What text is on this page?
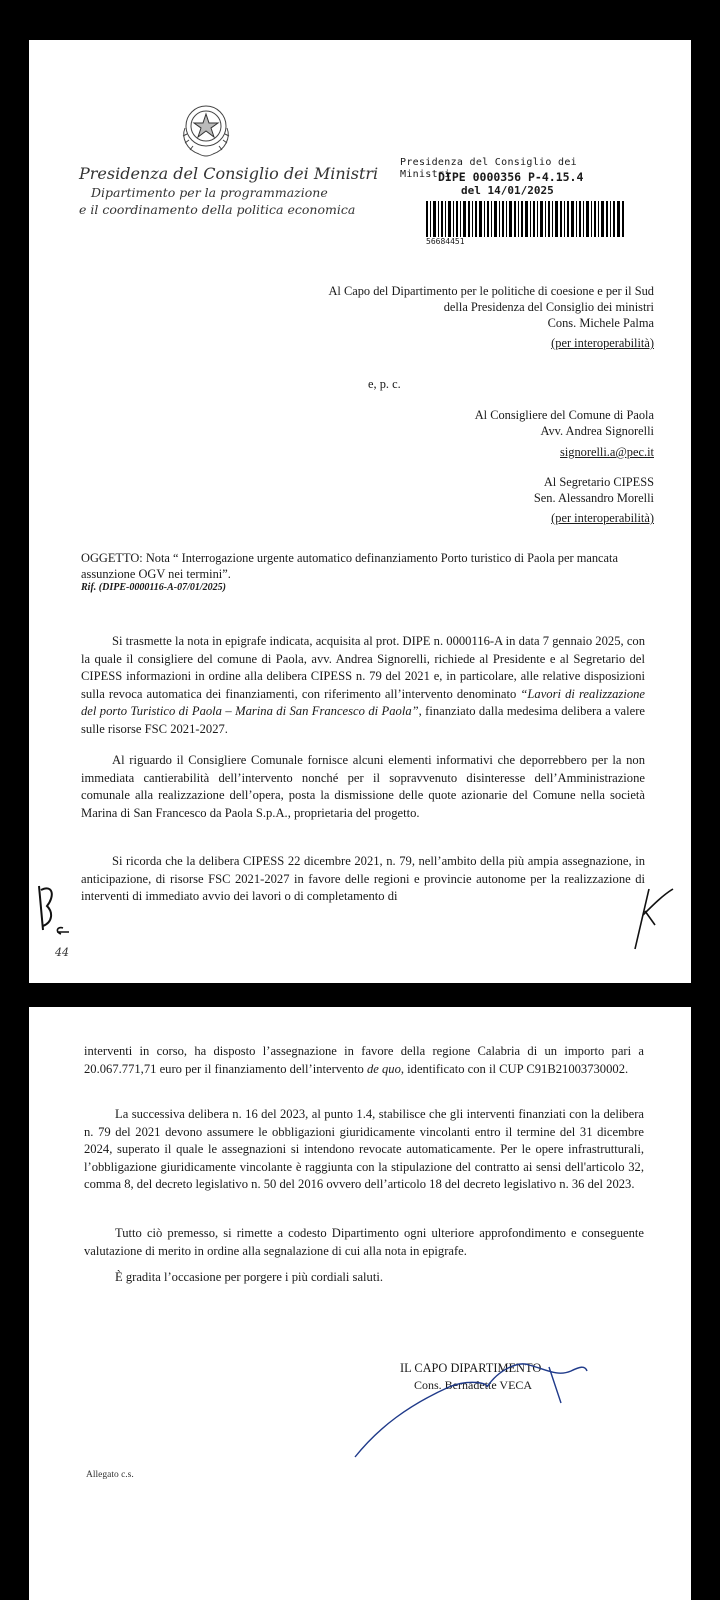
Presidenza del Consiglio dei Ministri
Dipartimento per la programmazione
e il coordinamento della politica economica
Presidenza del Consiglio dei Ministri
DIPE 0000356 P-4.15.4
del 14/01/2025
56684451
Al Capo del Dipartimento per le politiche di coesione e per il Sud
della Presidenza del Consiglio dei ministri
Cons. Michele Palma
(per interoperabilità)
e, p. c.
Al Consigliere del Comune di Paola
Avv. Andrea Signorelli
signorelli.a@pec.it
Al Segretario CIPESS
Sen. Alessandro Morelli
(per interoperabilità)
OGGETTO: Nota “ Interrogazione urgente automatico definanziamento Porto turistico di Paola per mancata assunzione OGV nei termini”.
Rif. (DIPE-0000116-A-07/01/2025)

Si trasmette la nota in epigrafe indicata, acquisita al prot. DIPE n. 0000116-A in data 7 gennaio 2025, con la quale il consigliere del comune di Paola, avv. Andrea Signorelli, richiede al Presidente e al Segretario del CIPESS informazioni in ordine alla delibera CIPESS n. 79 del 2021 e, in particolare, alle relative disposizioni sulla revoca automatica dei finanziamenti, con riferimento all’intervento denominato “Lavori di realizzazione del porto Turistico di Paola – Marina di San Francesco di Paola”, finanziato dalla medesima delibera a valere sulle risorse FSC 2021-2027.

Al riguardo il Consigliere Comunale fornisce alcuni elementi informativi che deporrebbero per la non immediata cantierabilità dell’intervento nonché per il sopravvenuto disinteresse dell’Amministrazione comunale alla realizzazione dell’opera, posta la dismissione delle quote azionarie del Comune nella società Marina di San Francesco da Paola S.p.A., proprietaria del progetto.

Si ricorda che la delibera CIPESS 22 dicembre 2021, n. 79, nell’ambito della più ampia assegnazione, in anticipazione, di risorse FSC 2021-2027 in favore delle regioni e provincie autonome per la realizzazione di interventi di immediato avvio dei lavori o di completamento di

44

interventi in corso, ha disposto l’assegnazione in favore della regione Calabria di un importo pari a 20.067.771,71 euro per il finanziamento dell’intervento de quo, identificato con il CUP C91B21003730002.

La successiva delibera n. 16 del 2023, al punto 1.4, stabilisce che gli interventi finanziati con la delibera n. 79 del 2021 devono assumere le obbligazioni giuridicamente vincolanti entro il termine del 31 dicembre 2024, superato il quale le assegnazioni si intendono revocate automaticamente. Per le opere infrastrutturali, l’obbligazione giuridicamente vincolante è raggiunta con la stipulazione del contratto ai sensi dell'articolo 32, comma 8, del decreto legislativo n. 50 del 2016 ovvero dell’articolo 18 del decreto legislativo n. 36 del 2023.

Tutto ciò premesso, si rimette a codesto Dipartimento ogni ulteriore approfondimento e conseguente valutazione di merito in ordine alla segnalazione di cui alla nota in epigrafe.

È gradita l’occasione per porgere i più cordiali saluti.

IL CAPO DIPARTIMENTO
Cons. Bernadette VECA
Allegato c.s.
